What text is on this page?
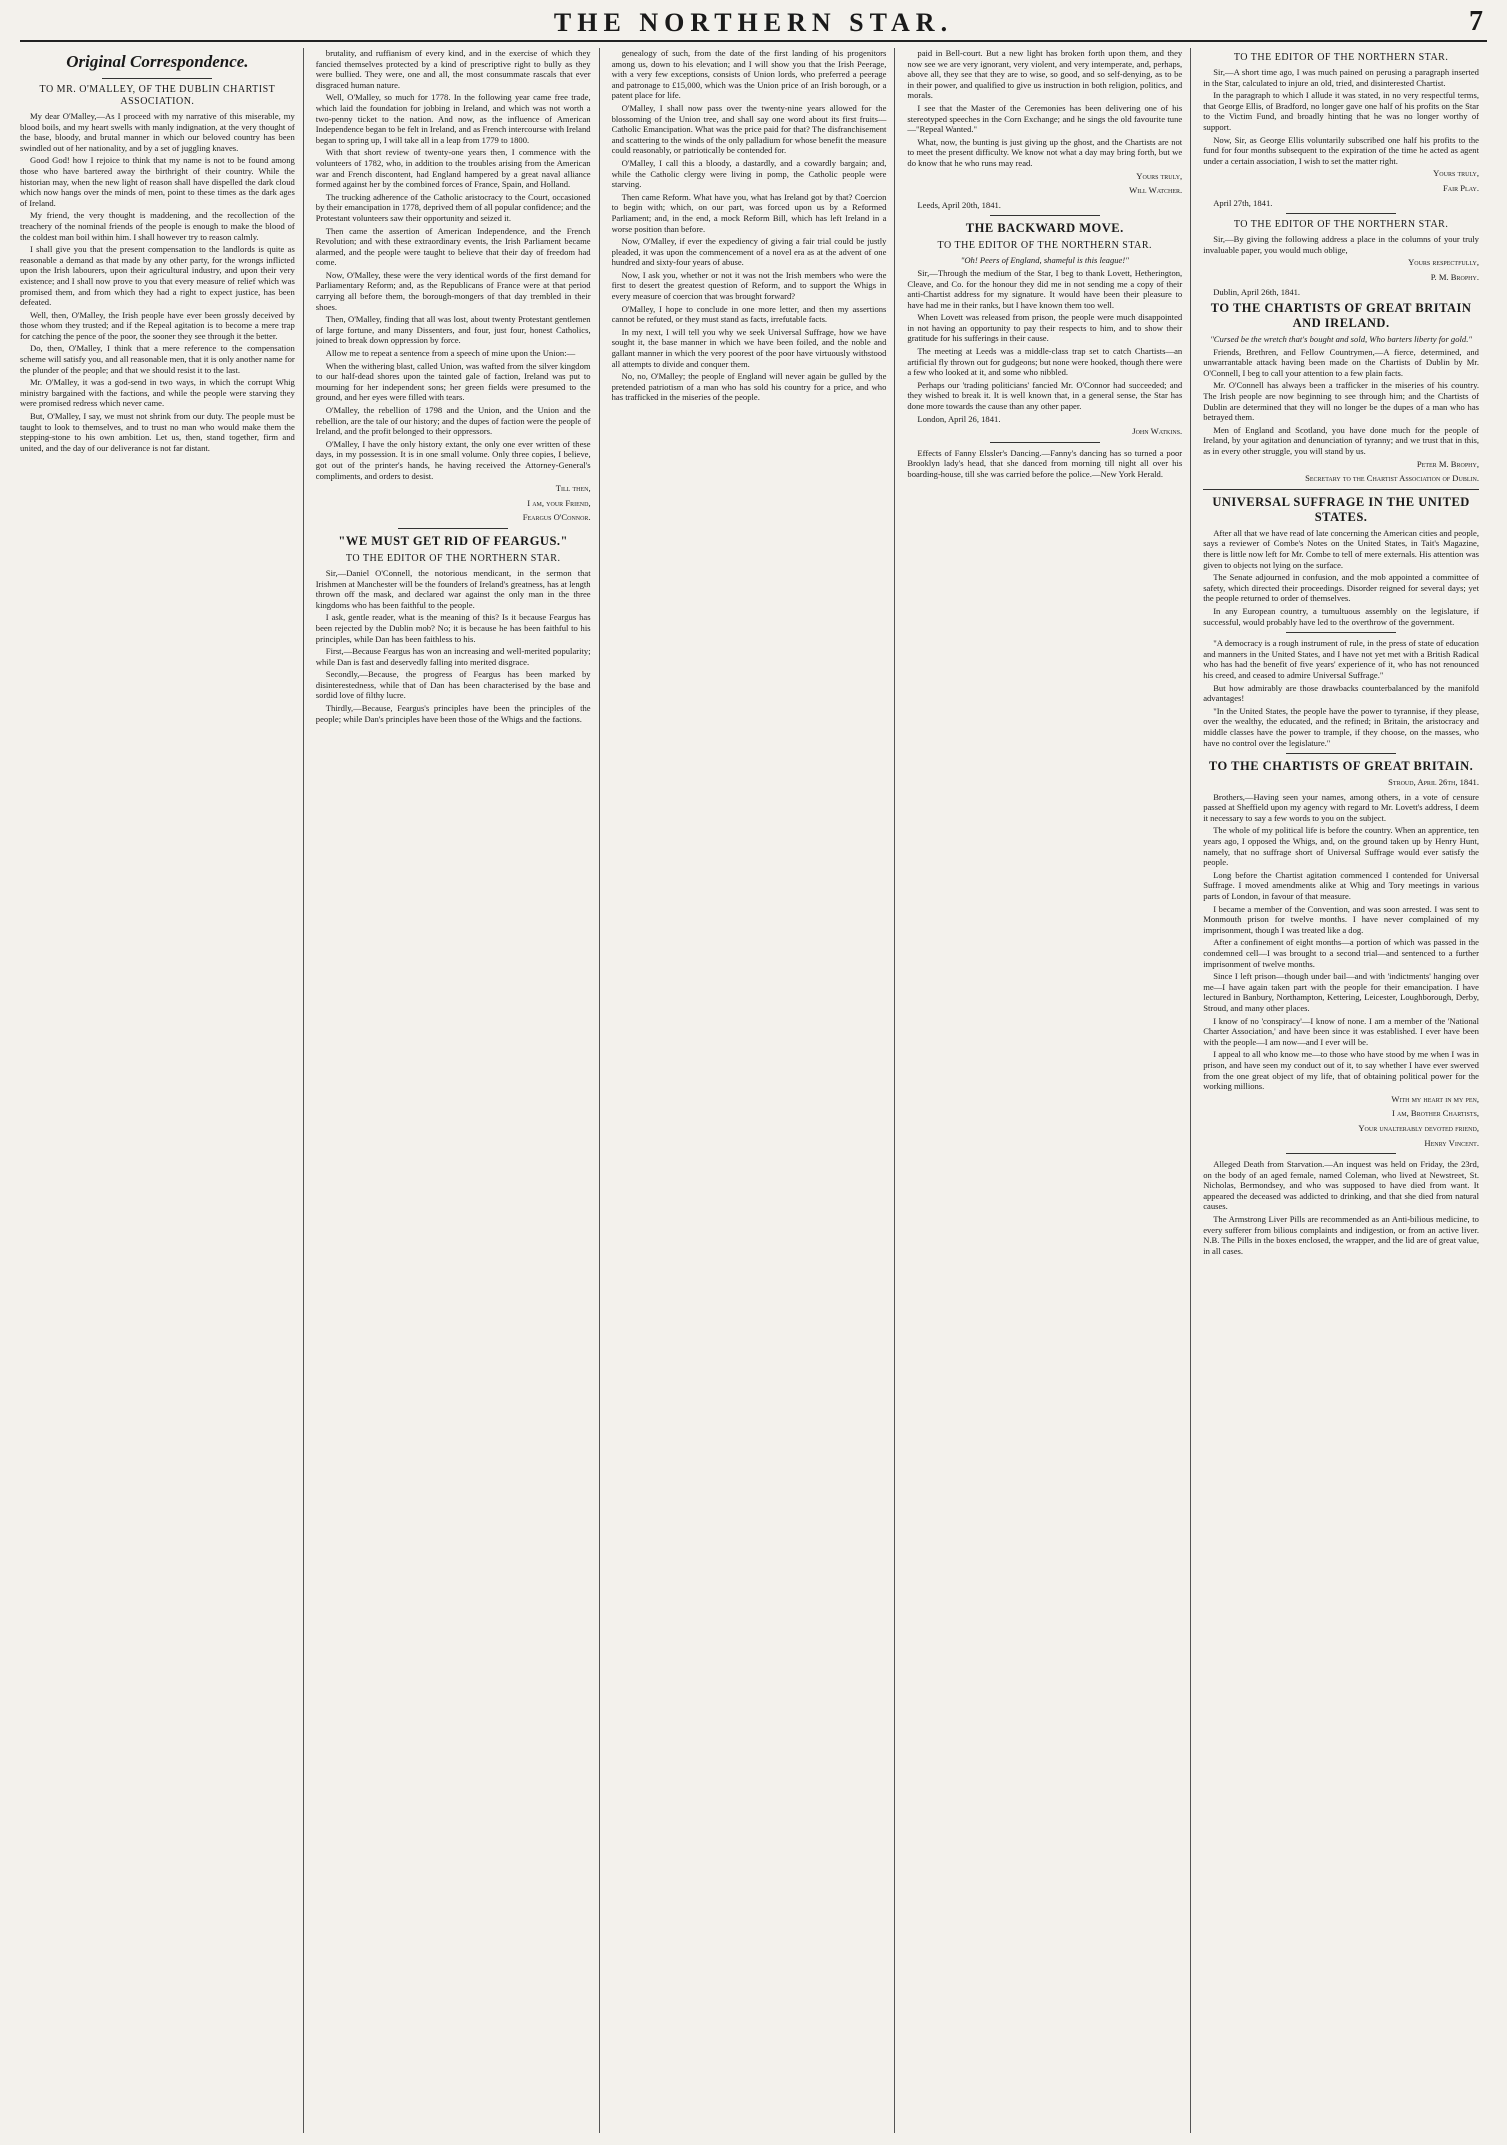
THE NORTHERN STAR.	7
Original Correspondence.
TO MR. O'MALLEY, OF THE DUBLIN CHARTIST ASSOCIATION.

My dear O'Malley,—As I proceed with my narrative of this miserable, my blood boils, and my heart swells with manly indignation, at the very thought of the base, bloody, and brutal manner in which our beloved country has been swindled out of her nationality, and by a set of juggling knaves.

Good God! how I rejoice to think that my name is not to be found among those who have bartered away the birthright of their country. While the historian may, when the new light of reason shall have dispelled the dark cloud which now hangs over the minds of men, point to these times as the dark ages of Ireland.

My friend, the very thought is maddening, and the recollection of the treachery of the nominal friends of the people is enough to make the blood of the coldest man boil within him. I shall however try to reason calmly.

I shall give you that the present compensation to the landlords is quite as reasonable a demand as that made by any other party, for the wrongs inflicted upon the Irish labourers, upon their agricultural industry, and upon their very existence; and I shall now prove to you that every measure of relief which was promised them, and from which they had a right to expect justice, has been defeated.

Well, then, O'Malley, the Irish people have ever been grossly deceived by those whom they trusted; and if the Repeal agitation is to become a mere trap for catching the pence of the poor, the sooner they see through it the better.

Do, then, O'Malley, I think that a mere reference to the compensation scheme will satisfy you, and all reasonable men, that it is only another name for the plunder of the people; and that we should resist it to the last.

Mr. O'Malley, it was a god-send in two ways, in which the corrupt Whig ministry bargained with the factions, and while the people were starving they were promised redress which never came.

But, O'Malley, I say, we must not shrink from our duty. The people must be taught to look to themselves, and to trust no man who would make them the stepping-stone to his own ambition. Let us, then, stand together, firm and united, and the day of our deliverance is not far distant.

brutality, and ruffianism of every kind, and in the exercise of which they fancied themselves protected by a kind of prescriptive right to bully as they were bullied. They were, one and all, the most consummate rascals that ever disgraced human nature.

Well, O'Malley, so much for 1778. In the following year came free trade, which laid the foundation for jobbing in Ireland, and which was not worth a two-penny ticket to the nation. And now, as the influence of American Independence began to be felt in Ireland, and as French intercourse with Ireland began to spring up, I will take all in a leap from 1779 to 1800.

With that short review of twenty-one years then, I commence with the volunteers of 1782, who, in addition to the troubles arising from the American war and French discontent, had England hampered by a great naval alliance formed against her by the combined forces of France, Spain, and Holland.

The trucking adherence of the Catholic aristocracy to the Court, occasioned by their emancipation in 1778, deprived them of all popular confidence; and the Protestant volunteers saw their opportunity and seized it.

Then came the assertion of American Independence, and the French Revolution; and with these extraordinary events, the Irish Parliament became alarmed, and the people were taught to believe that their day of freedom had come.

Now, O'Malley, these were the very identical words of the first demand for Parliamentary Reform; and, as the Republicans of France were at that period carrying all before them, the borough-mongers of that day trembled in their shoes.

Then, O'Malley, finding that all was lost, about twenty Protestant gentlemen of large fortune, and many Dissenters, and four, just four, honest Catholics, joined to break down oppression by force.

Allow me to repeat a sentence from a speech of mine upon the Union:—

When the withering blast, called Union, was wafted from the silver kingdom to our half-dead shores upon the tainted gale of faction, Ireland was put to mourning for her independent sons; her green fields were presumed to the ground, and her eyes were filled with tears.

O'Malley, the rebellion of 1798 and the Union, and the Union and the rebellion, are the tale of our history; and the dupes of faction were the people of Ireland, and the profit belonged to their oppressors.

O'Malley, I have the only history extant, the only one ever written of these days, in my possession. It is in one small volume. Only three copies, I believe, got out of the printer's hands, he having received the Attorney-General's compliments, and orders to desist.

Till then,
I am, your Friend,
Feargus O'Connor.
"WE MUST GET RID OF FEARGUS."
TO THE EDITOR OF THE NORTHERN STAR.

Sir,—Daniel O'Connell, the notorious mendicant, in the sermon that Irishmen at Manchester will be the founders of Ireland's greatness, has at length thrown off the mask, and declared war against the only man in the three kingdoms who has been faithful to the people.

I ask, gentle reader, what is the meaning of this? Is it because Feargus has been rejected by the Dublin mob? No; it is because he has been faithful to his principles, while Dan has been faithless to his.

First,—Because Feargus has won an increasing and well-merited popularity; while Dan is fast and deservedly falling into merited disgrace.

Secondly,—Because, the progress of Feargus has been marked by disinterestedness, while that of Dan has been characterised by the base and sordid love of filthy lucre.

Thirdly,—Because, Feargus's principles have been the principles of the people; while Dan's principles have been those of the Whigs and the factions.

genealogy of such, from the date of the first landing of his progenitors among us, down to his elevation; and I will show you that the Irish Peerage, with a very few exceptions, consists of Union lords, who preferred a peerage and patronage to £15,000, which was the Union price of an Irish borough, or a patent place for life.

O'Malley, I shall now pass over the twenty-nine years allowed for the blossoming of the Union tree, and shall say one word about its first fruits—Catholic Emancipation. What was the price paid for that? The disfranchisement and scattering to the winds of the only palladium for whose benefit the measure could reasonably, or patriotically be contended for.

O'Malley, I call this a bloody, a dastardly, and a cowardly bargain; and, while the Catholic clergy were living in pomp, the Catholic people were starving.

Then came Reform. What have you, what has Ireland got by that? Coercion to begin with; which, on our part, was forced upon us by a Reformed Parliament; and, in the end, a mock Reform Bill, which has left Ireland in a worse position than before.

Now, O'Malley, if ever the expediency of giving a fair trial could be justly pleaded, it was upon the commencement of a novel era as at the advent of one hundred and sixty-four years of abuse.

Now, I ask you, whether or not it was not the Irish members who were the first to desert the greatest question of Reform, and to support the Whigs in every measure of coercion that was brought forward?

O'Malley, I hope to conclude in one more letter, and then my assertions cannot be refuted, or they must stand as facts, irrefutable facts.

In my next, I will tell you why we seek Universal Suffrage, how we have sought it, the base manner in which we have been foiled, and the noble and gallant manner in which the very poorest of the poor have virtuously withstood all attempts to divide and conquer them.

No, no, O'Malley; the people of England will never again be gulled by the pretended patriotism of a man who has sold his country for a price, and who has trafficked in the miseries of the people.

paid in Bell-court. But a new light has broken forth upon them, and they now see we are very ignorant, very violent, and very intemperate, and, perhaps, above all, they see that they are to wise, so good, and so self-denying, as to be in their power, and qualified to give us instruction in both religion, politics, and morals.

I see that the Master of the Ceremonies has been delivering one of his stereotyped speeches in the Corn Exchange; and he sings the old favourite tune—"Repeal Wanted."

What, now, the bunting is just giving up the ghost, and the Chartists are not to meet the present difficulty. We know not what a day may bring forth, but we do know that he who runs may read.

Yours truly,
Will Watcher.
Leeds, April 20th, 1841.
THE BACKWARD MOVE.
TO THE EDITOR OF THE NORTHERN STAR.
"Oh! Peers of England, shameful is this league!"

Sir,—Through the medium of the Star, I beg to thank Lovett, Hetherington, Cleave, and Co. for the honour they did me in not sending me a copy of their anti-Chartist address for my signature. It would have been their pleasure to have had me in their ranks, but I have known them too well.

When Lovett was released from prison, the people were much disappointed in not having an opportunity to pay their respects to him, and to show their gratitude for his sufferings in their cause.

The meeting at Leeds was a middle-class trap set to catch Chartists—an artificial fly thrown out for gudgeons; but none were hooked, though there were a few who looked at it, and some who nibbled.

Perhaps our 'trading politicians' fancied Mr. O'Connor had succeeded; and they wished to break it. It is well known that, in a general sense, the Star has done more towards the cause than any other paper.

London, April 26, 1841.
John Watkins.

Effects of Fanny Elssler's Dancing.—Fanny's dancing has so turned a poor Brooklyn lady's head, that she danced from morning till night all over his boarding-house, till she was carried before the police.—New York Herald.

TO THE EDITOR OF THE NORTHERN STAR.

Sir,—A short time ago, I was much pained on perusing a paragraph inserted in the Star, calculated to injure an old, tried, and disinterested Chartist.

In the paragraph to which I allude it was stated, in no very respectful terms, that George Ellis, of Bradford, no longer gave one half of his profits on the Star to the Victim Fund, and broadly hinting that he was no longer worthy of support.

Now, Sir, as George Ellis voluntarily subscribed one half his profits to the fund for four months subsequent to the expiration of the time he acted as agent under a certain association, I wish to set the matter right.

Yours truly,
Fair Play.
April 27th, 1841.
TO THE EDITOR OF THE NORTHERN STAR.

Sir,—By giving the following address a place in the columns of your truly invaluable paper, you would much oblige,

Yours respectfully,
P. M. Brophy.
Dublin, April 26th, 1841.
TO THE CHARTISTS OF GREAT BRITAIN AND IRELAND.
"Cursed be the wretch that's bought and sold, Who barters liberty for gold."

Friends, Brethren, and Fellow Countrymen,—A fierce, determined, and unwarrantable attack having been made on the Chartists of Dublin by Mr. O'Connell, I beg to call your attention to a few plain facts.

Mr. O'Connell has always been a trafficker in the miseries of his country. The Irish people are now beginning to see through him; and the Chartists of Dublin are determined that they will no longer be the dupes of a man who has betrayed them.

Men of England and Scotland, you have done much for the people of Ireland, by your agitation and denunciation of tyranny; and we trust that in this, as in every other struggle, you will stand by us.

Peter M. Brophy,
Secretary to the Chartist Association of Dublin.
UNIVERSAL SUFFRAGE IN THE UNITED STATES.

After all that we have read of late concerning the American cities and people, says a reviewer of Combe's Notes on the United States, in Tait's Magazine, there is little now left for Mr. Combe to tell of mere externals. His attention was given to objects not lying on the surface.

The Senate adjourned in confusion, and the mob appointed a committee of safety, which directed their proceedings. Disorder reigned for several days; yet the people returned to order of themselves.

In any European country, a tumultuous assembly on the legislature, if successful, would probably have led to the overthrow of the government.

"A democracy is a rough instrument of rule, in the press of state of education and manners in the United States, and I have not yet met with a British Radical who has had the benefit of five years' experience of it, who has not renounced his creed, and ceased to admire Universal Suffrage."

But how admirably are those drawbacks counterbalanced by the manifold advantages!

"In the United States, the people have the power to tyrannise, if they please, over the wealthy, the educated, and the refined; in Britain, the aristocracy and middle classes have the power to trample, if they choose, on the masses, who have no control over the legislature."

TO THE CHARTISTS OF GREAT BRITAIN.
Stroud, April 26th, 1841.

Brothers,—Having seen your names, among others, in a vote of censure passed at Sheffield upon my agency with regard to Mr. Lovett's address, I deem it necessary to say a few words to you on the subject.

The whole of my political life is before the country. When an apprentice, ten years ago, I opposed the Whigs, and, on the ground taken up by Henry Hunt, namely, that no suffrage short of Universal Suffrage would ever satisfy the people.

Long before the Chartist agitation commenced I contended for Universal Suffrage. I moved amendments alike at Whig and Tory meetings in various parts of London, in favour of that measure.

I became a member of the Convention, and was soon arrested. I was sent to Monmouth prison for twelve months. I have never complained of my imprisonment, though I was treated like a dog.

After a confinement of eight months—a portion of which was passed in the condemned cell—I was brought to a second trial—and sentenced to a further imprisonment of twelve months.

Since I left prison—though under bail—and with 'indictments' hanging over me—I have again taken part with the people for their emancipation. I have lectured in Banbury, Northampton, Kettering, Leicester, Loughborough, Derby, Stroud, and many other places.

I know of no 'conspiracy'—I know of none. I am a member of the 'National Charter Association,' and have been since it was established. I ever have been with the people—I am now—and I ever will be.

I appeal to all who know me—to those who have stood by me when I was in prison, and have seen my conduct out of it, to say whether I have ever swerved from the one great object of my life, that of obtaining political power for the working millions.

With my heart in my pen,
I am, Brother Chartists,
Your unalterably devoted friend,
Henry Vincent.

Alleged Death from Starvation.—An inquest was held on Friday, the 23rd, on the body of an aged female, named Coleman, who lived at Newstreet, St. Nicholas, Bermondsey, and who was supposed to have died from want. It appeared the deceased was addicted to drinking, and that she died from natural causes.

The Armstrong Liver Pills are recommended as an Anti-bilious medicine, to every sufferer from bilious complaints and indigestion, or from an active liver. N.B. The Pills in the boxes enclosed, the wrapper, and the lid are of great value, in all cases.
